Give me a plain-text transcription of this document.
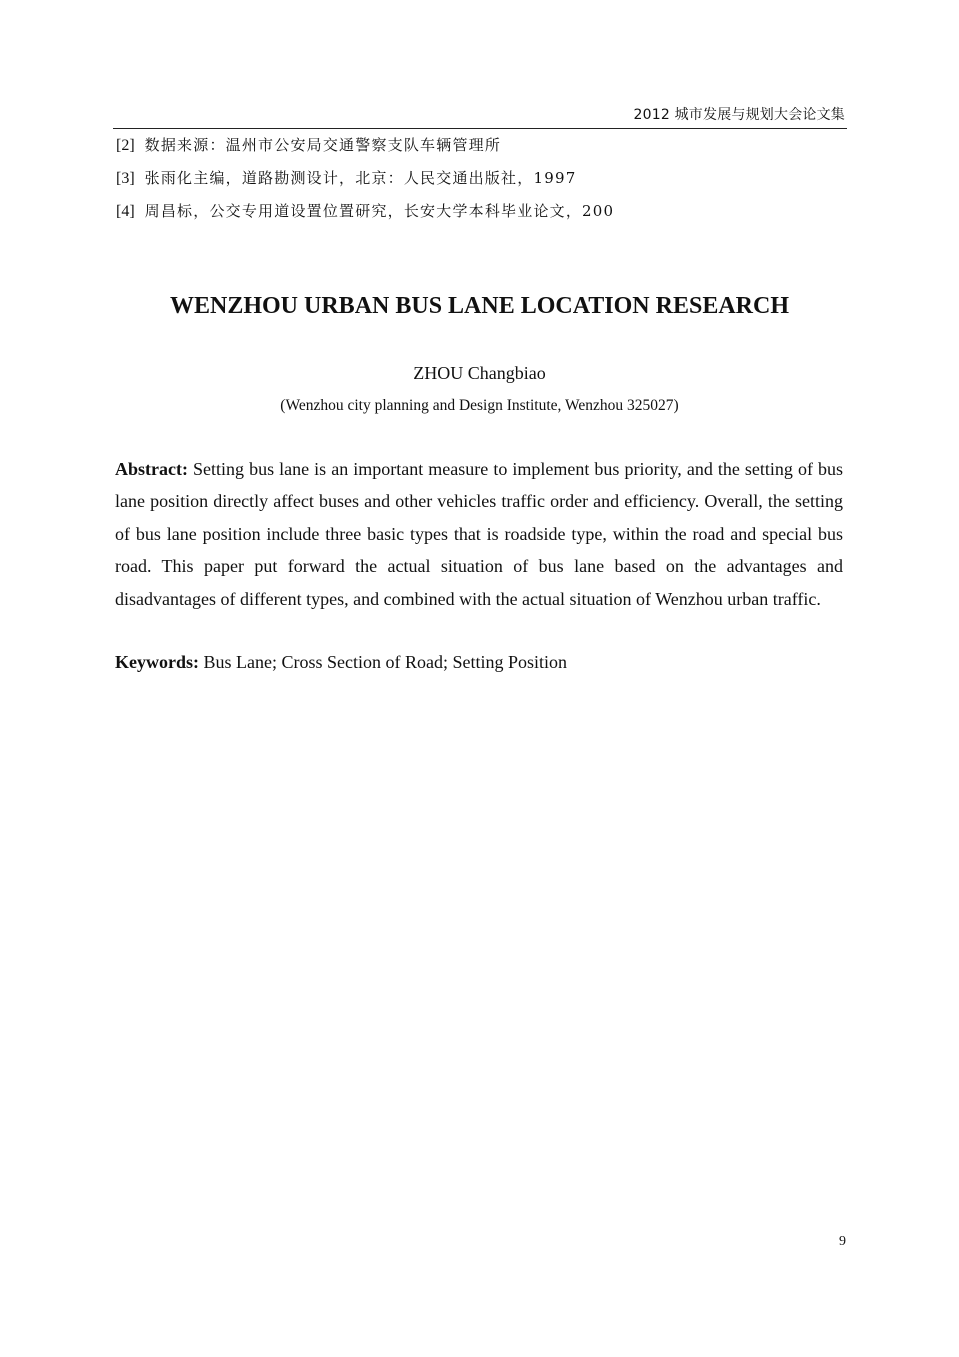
2012 城市发展与规划大会论文集
[2] 数据来源：温州市公安局交通警察支队车辆管理所
[3] 张雨化主编，道路勘测设计，北京：人民交通出版社，1997
[4] 周昌标，公交专用道设置位置研究，长安大学本科毕业论文，200
WENZHOU URBAN BUS LANE LOCATION RESEARCH
ZHOU Changbiao
(Wenzhou city planning and Design Institute, Wenzhou 325027)
Abstract: Setting bus lane is an important measure to implement bus priority, and the setting of bus lane position directly affect buses and other vehicles traffic order and efficiency. Overall, the setting of bus lane position include three basic types that is roadside type, within the road and special bus road. This paper put forward the actual situation of bus lane based on the advantages and disadvantages of different types, and combined with the actual situation of Wenzhou urban traffic.
Keywords: Bus Lane; Cross Section of Road; Setting Position
9
